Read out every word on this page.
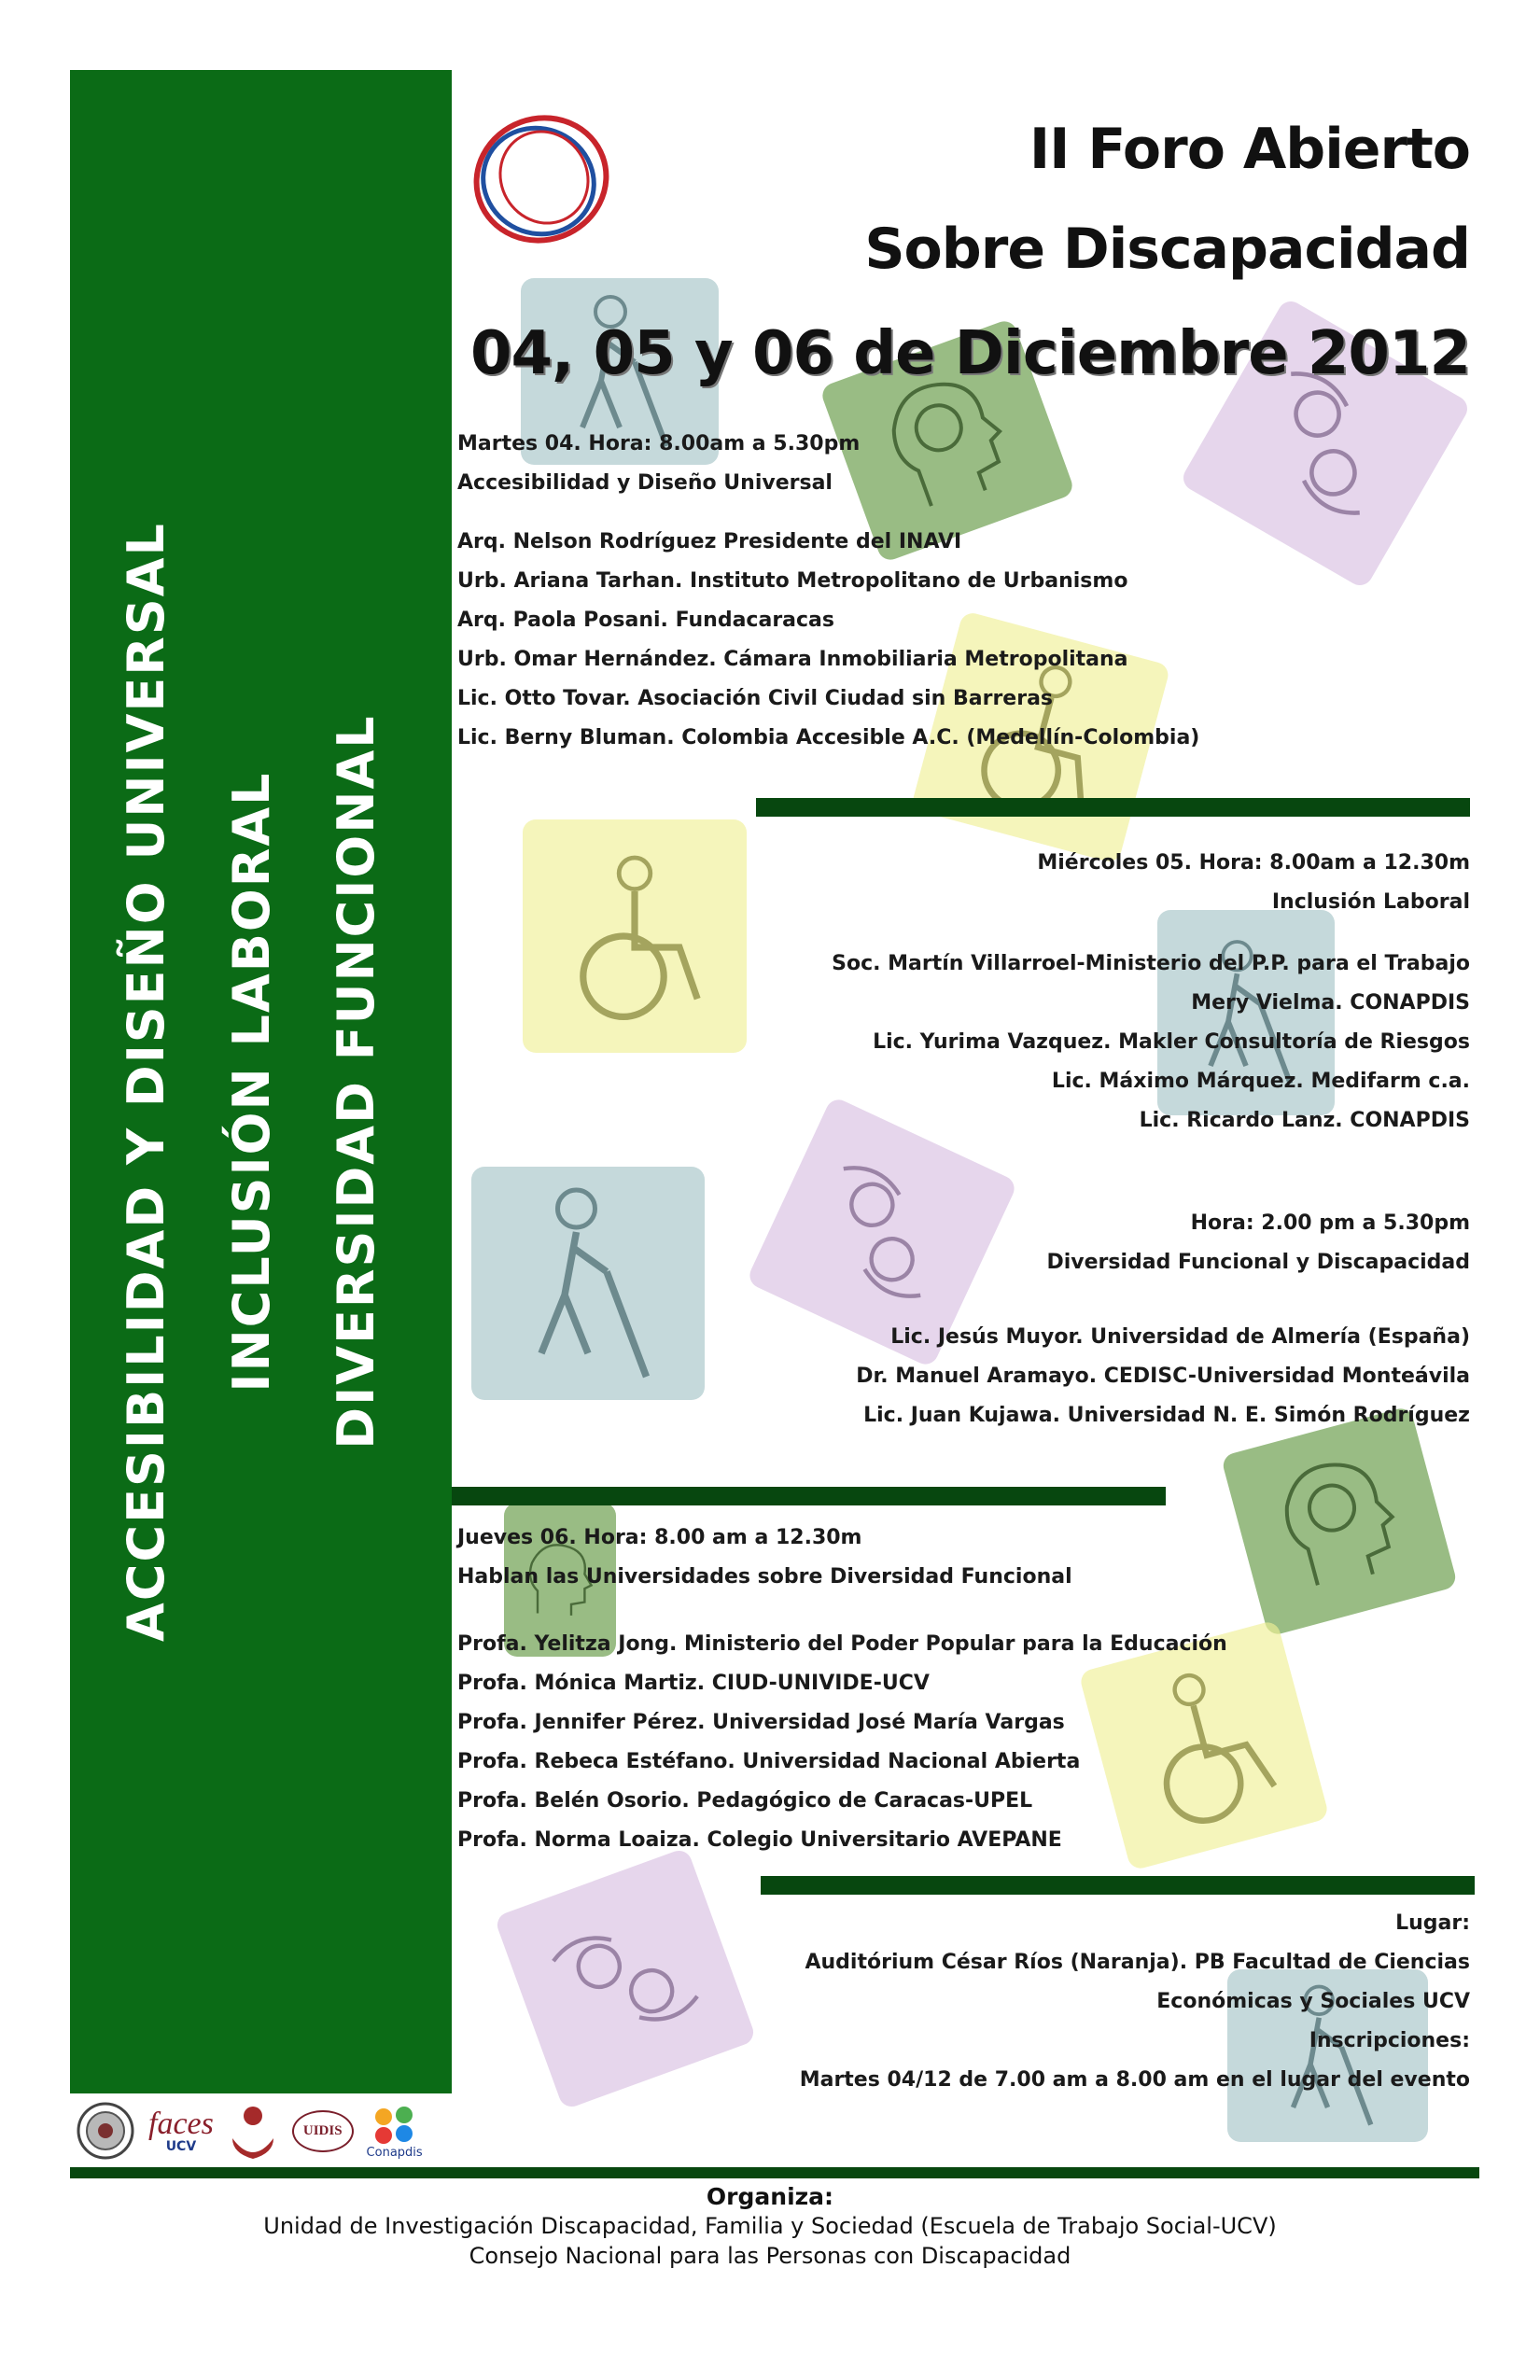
ACCESIBILIDAD Y DISEÑO UNIVERSAL INCLUSIÓN LABORAL DIVERSIDAD FUNCIONAL
II Foro Abierto
Sobre Discapacidad
04, 05 y 06 de Diciembre 2012
Martes 04. Hora: 8.00am a 5.30pm
Accesibilidad y Diseño Universal
Arq. Nelson Rodríguez Presidente del INAVI
Urb. Ariana Tarhan. Instituto Metropolitano de Urbanismo
Arq. Paola Posani. Fundacaracas
Urb. Omar Hernández. Cámara Inmobiliaria Metropolitana
Lic. Otto Tovar. Asociación Civil Ciudad sin Barreras
Lic. Berny Bluman. Colombia Accesible A.C. (Medellín-Colombia)
Miércoles 05. Hora: 8.00am a 12.30m
Inclusión Laboral
Soc. Martín Villarroel-Ministerio del P.P. para el Trabajo
Mery Vielma. CONAPDIS
Lic. Yurima Vazquez. Makler Consultoría de Riesgos
Lic. Máximo Márquez. Medifarm c.a.
Lic. Ricardo Lanz. CONAPDIS
Hora: 2.00 pm a 5.30pm
Diversidad Funcional y Discapacidad
Lic. Jesús Muyor. Universidad de Almería (España)
Dr. Manuel Aramayo. CEDISC-Universidad Monteávila
Lic. Juan Kujawa. Universidad N. E. Simón Rodríguez
Jueves 06. Hora: 8.00 am a 12.30m
Hablan las Universidades sobre Diversidad Funcional
Profa. Yelitza Jong. Ministerio del Poder Popular para la Educación
Profa. Mónica Martiz. CIUD-UNIVIDE-UCV
Profa. Jennifer Pérez. Universidad José María Vargas
Profa. Rebeca Estéfano. Universidad Nacional Abierta
Profa. Belén Osorio. Pedagógico de Caracas-UPEL
Profa. Norma Loaiza. Colegio Universitario AVEPANE
Lugar:
Auditórium César Ríos (Naranja). PB Facultad de Ciencias
Económicas y Sociales UCV
Inscripciones:
Martes 04/12 de 7.00 am a 8.00 am en el lugar del evento
faces
UCV
UIDIS
Conapdis
Organiza:
Unidad de Investigación Discapacidad, Familia y Sociedad (Escuela de Trabajo Social-UCV)
Consejo Nacional para las Personas con Discapacidad
